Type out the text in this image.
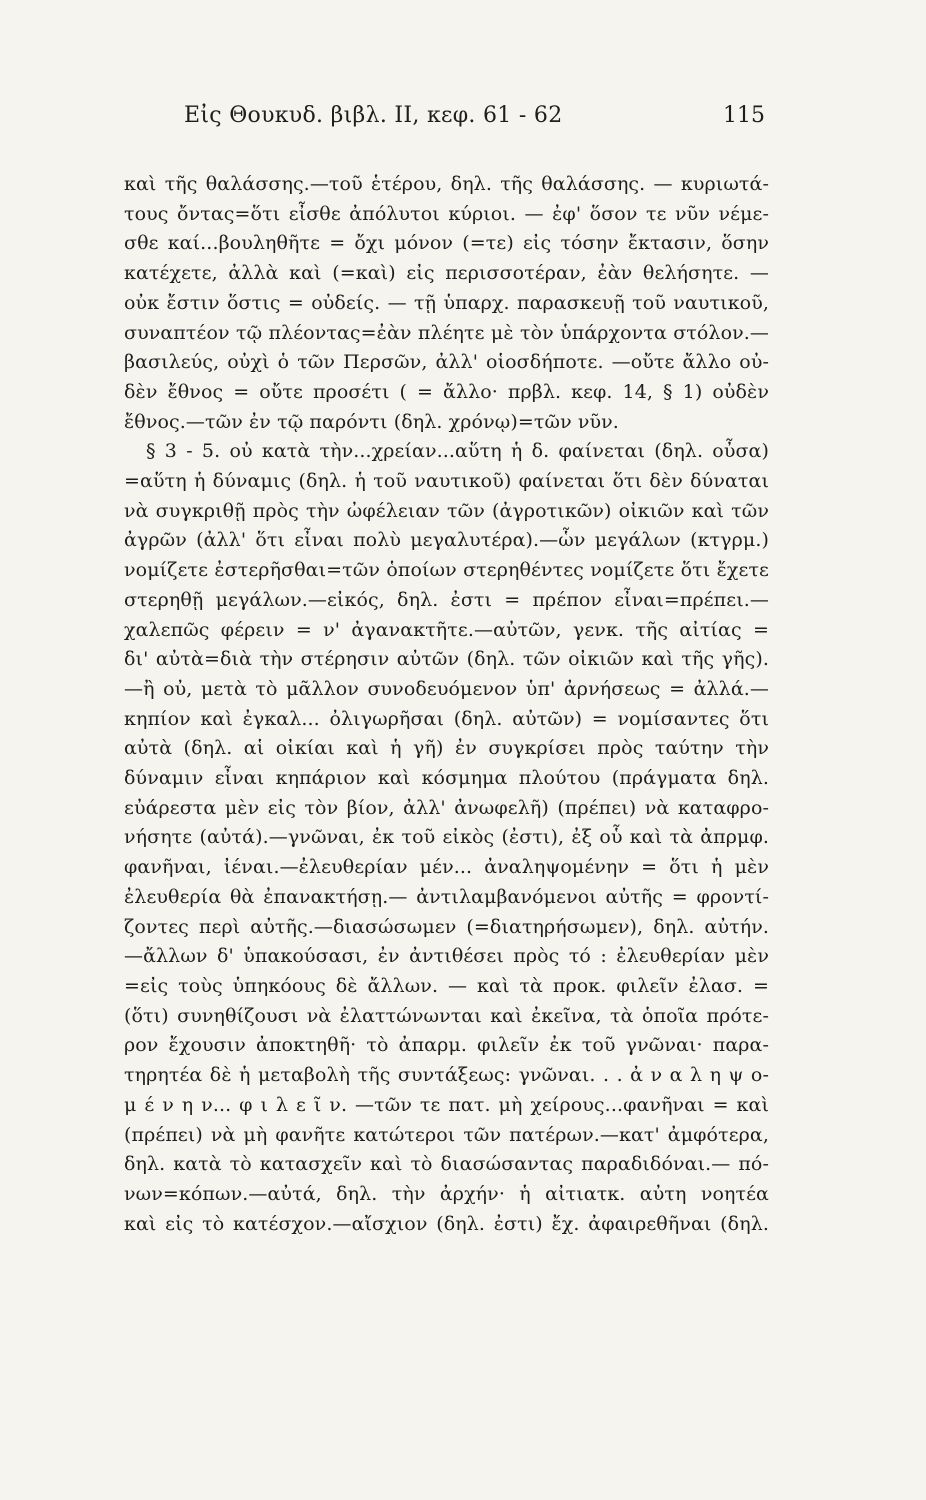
Εἰς Θουκυδ. βιβλ. II, κεφ. 61 - 62	115
καὶ τῆς θαλάσσης.—τοῦ ἑτέρου, δηλ. τῆς θαλάσσης. — κυριωτά-
τους ὄντας=ὅτι εἶσθε ἀπόλυτοι κύριοι. — ἐφ' ὅσον τε νῦν νέμε-
σθε καί...βουληθῆτε = ὄχι μόνον (=τε) εἰς τόσην ἔκτασιν, ὅσην
κατέχετε, ἀλλὰ καὶ (=καὶ) εἰς περισσοτέραν, ἐὰν θελήσητε. —
οὐκ ἔστιν ὅστις = οὐδείς. — τῇ ὑπαρχ. παρασκευῇ τοῦ ναυτικοῦ,
συναπτέον τῷ πλέοντας=ἐὰν πλέητε μὲ τὸν ὑπάρχοντα στόλον.—
βασιλεύς, οὐχὶ ὁ τῶν Περσῶν, ἀλλ' οἱοσδήποτε. —οὔτε ἄλλο οὐ-
δὲν ἔθνος = οὔτε προσέτι ( = ἄλλο· πρβλ. κεφ. 14, § 1) οὐδὲν
ἔθνος.—τῶν ἐν τῷ παρόντι (δηλ. χρόνῳ)=τῶν νῦν.
§ 3 - 5. οὐ κατὰ τὴν...χρείαν...αὕτη ἡ δ. φαίνεται (δηλ. οὖσα)
=αὕτη ἡ δύναμις (δηλ. ἡ τοῦ ναυτικοῦ) φαίνεται ὅτι δὲν δύναται
νὰ συγκριθῇ πρὸς τὴν ὠφέλειαν τῶν (ἀγροτικῶν) οἰκιῶν καὶ τῶν
ἀγρῶν (ἀλλ' ὅτι εἶναι πολὺ μεγαλυτέρα).—ὧν μεγάλων (κτγρμ.)
νομίζετε ἐστερῆσθαι=τῶν ὁποίων στερηθέντες νομίζετε ὅτι ἔχετε
στερηθῇ μεγάλων.—εἰκός, δηλ. ἐστι = πρέπον εἶναι=πρέπει.—
χαλεπῶς φέρειν = ν' ἀγανακτῆτε.—αὐτῶν, γενκ. τῆς αἰτίας =
δι' αὐτὰ=διὰ τὴν στέρησιν αὐτῶν (δηλ. τῶν οἰκιῶν καὶ τῆς γῆς).
—ἢ οὐ, μετὰ τὸ μᾶλλον συνοδευόμενον ὑπ' ἀρνήσεως = ἀλλά.—
κηπίον καὶ ἐγκαλ... ὀλιγωρῆσαι (δηλ. αὐτῶν) = νομίσαντες ὅτι
αὐτὰ (δηλ. αἱ οἰκίαι καὶ ἡ γῆ) ἐν συγκρίσει πρὸς ταύτην τὴν
δύναμιν εἶναι κηπάριον καὶ κόσμημα πλούτου (πράγματα δηλ.
εὐάρεστα μὲν εἰς τὸν βίον, ἀλλ' ἀνωφελῆ) (πρέπει) νὰ καταφρο-
νήσητε (αὐτά).—γνῶναι, ἐκ τοῦ εἰκὸς (ἐστι), ἐξ οὗ καὶ τὰ ἀπρμφ.
φανῆναι, ἰέναι.—ἐλευθερίαν μέν... ἀναληψομένην = ὅτι ἡ μὲν
ἐλευθερία θὰ ἐπανακτήσῃ.— ἀντιλαμβανόμενοι αὐτῆς = φροντί-
ζοντες περὶ αὐτῆς.—διασώσωμεν (=διατηρήσωμεν), δηλ. αὐτήν.
—ἄλλων δ' ὑπακούσασι, ἐν ἀντιθέσει πρὸς τό : ἐλευθερίαν μὲν
=εἰς τοὺς ὑπηκόους δὲ ἄλλων. — καὶ τὰ προκ. φιλεῖν ἐλασ. =
(ὅτι) συνηθίζουσι νὰ ἐλαττώνωνται καὶ ἐκεῖνα, τὰ ὁποῖα πρότε-
ρον ἔχουσιν ἀποκτηθῆ· τὸ ἀπαρμ. φιλεῖν ἐκ τοῦ γνῶναι· παρα-
τηρητέα δὲ ἡ μεταβολὴ τῆς συντάξεως: γνῶναι. . . ἀ ν α λ η ψ ο-
μ έ ν η ν... φ ι λ ε ῖ ν. —τῶν τε πατ. μὴ χείρους...φανῆναι = καὶ
(πρέπει) νὰ μὴ φανῆτε κατώτεροι τῶν πατέρων.—κατ' ἀμφότερα,
δηλ. κατὰ τὸ κατασχεῖν καὶ τὸ διασώσαντας παραδιδόναι.— πό-
νων=κόπων.—αὐτά, δηλ. τὴν ἀρχήν· ἡ αἰτιατκ. αὐτη νοητέα
καὶ εἰς τὸ κατέσχον.—αἴσχιον (δηλ. ἐστι) ἔχ. ἀφαιρεθῆναι (δηλ.
